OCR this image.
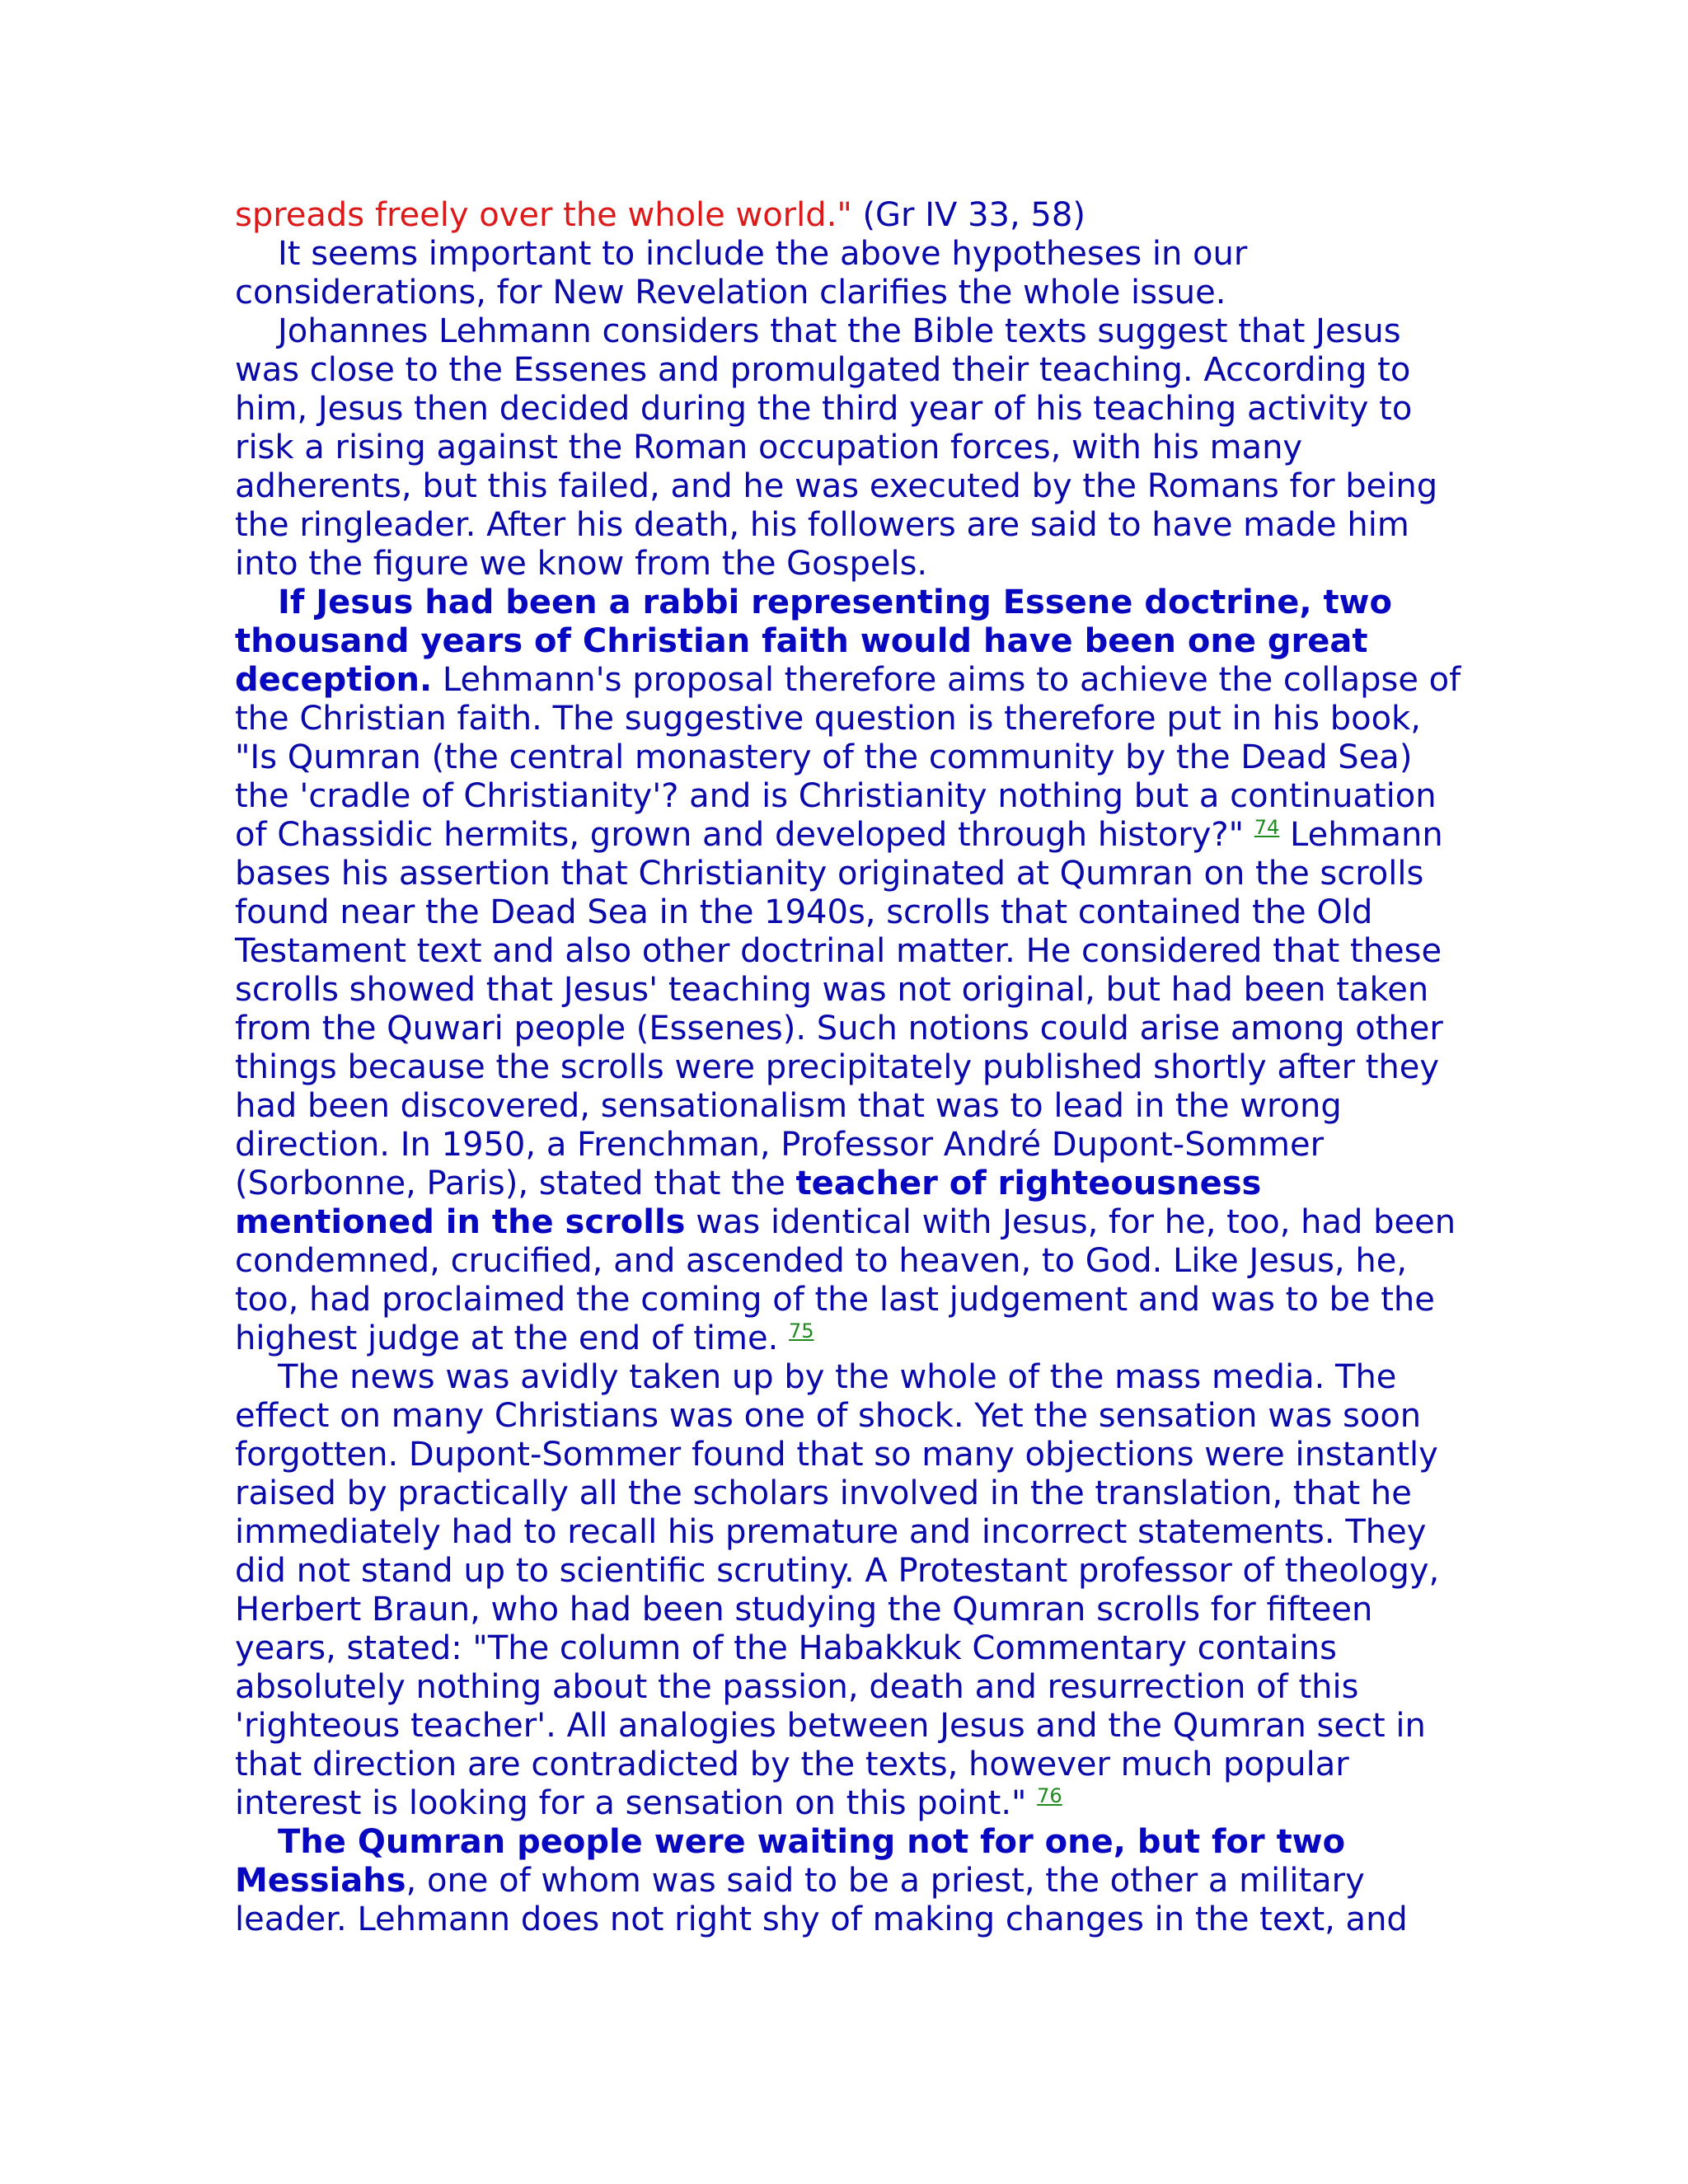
spreads freely over the whole world." (Gr IV 33, 58)

It seems important to include the above hypotheses in our considerations, for New Revelation clarifies the whole issue.

Johannes Lehmann considers that the Bible texts suggest that Jesus was close to the Essenes and promulgated their teaching. According to him, Jesus then decided during the third year of his teaching activity to risk a rising against the Roman occupation forces, with his many adherents, but this failed, and he was executed by the Romans for being the ringleader. After his death, his followers are said to have made him into the figure we know from the Gospels.

If Jesus had been a rabbi representing Essene doctrine, two thousand years of Christian faith would have been one great deception. Lehmann's proposal therefore aims to achieve the collapse of the Christian faith. The suggestive question is therefore put in his book, "Is Qumran (the central monastery of the community by the Dead Sea) the 'cradle of Christianity'? and is Christianity nothing but a continuation of Chassidic hermits, grown and developed through history?" $^{74}$ Lehmann bases his assertion that Christianity originated at Qumran on the scrolls found near the Dead Sea in the 1940s, scrolls that contained the Old Testament text and also other doctrinal matter. He considered that these scrolls showed that Jesus' teaching was not original, but had been taken from the Quwari people (Essenes). Such notions could arise among other things because the scrolls were precipitately published shortly after they had been discovered, sensationalism that was to lead in the wrong direction. In 1950, a Frenchman, Professor André Dupont-Sommer (Sorbonne, Paris), stated that the teacher of righteousness mentioned in the scrolls was identical with Jesus, for he, too, had been condemned, crucified, and ascended to heaven, to God. Like Jesus, he, too, had proclaimed the coming of the last judgement and was to be the highest judge at the end of time. $^{75}$

The news was avidly taken up by the whole of the mass media. The effect on many Christians was one of shock. Yet the sensation was soon forgotten. Dupont-Sommer found that so many objections were instantly raised by practically all the scholars involved in the translation, that he immediately had to recall his premature and incorrect statements. They did not stand up to scientific scrutiny. A Protestant professor of theology, Herbert Braun, who had been studying the Qumran scrolls for fifteen years, stated: "The column of the Habakkuk Commentary contains absolutely nothing about the passion, death and resurrection of this 'righteous teacher'. All analogies between Jesus and the Qumran sect in that direction are contradicted by the texts, however much popular interest is looking for a sensation on this point." $^{76}$

The Qumran people were waiting not for one, but for two Messiahs, one of whom was said to be a priest, the other a military leader. Lehmann does not right shy of making changes in the text, and
